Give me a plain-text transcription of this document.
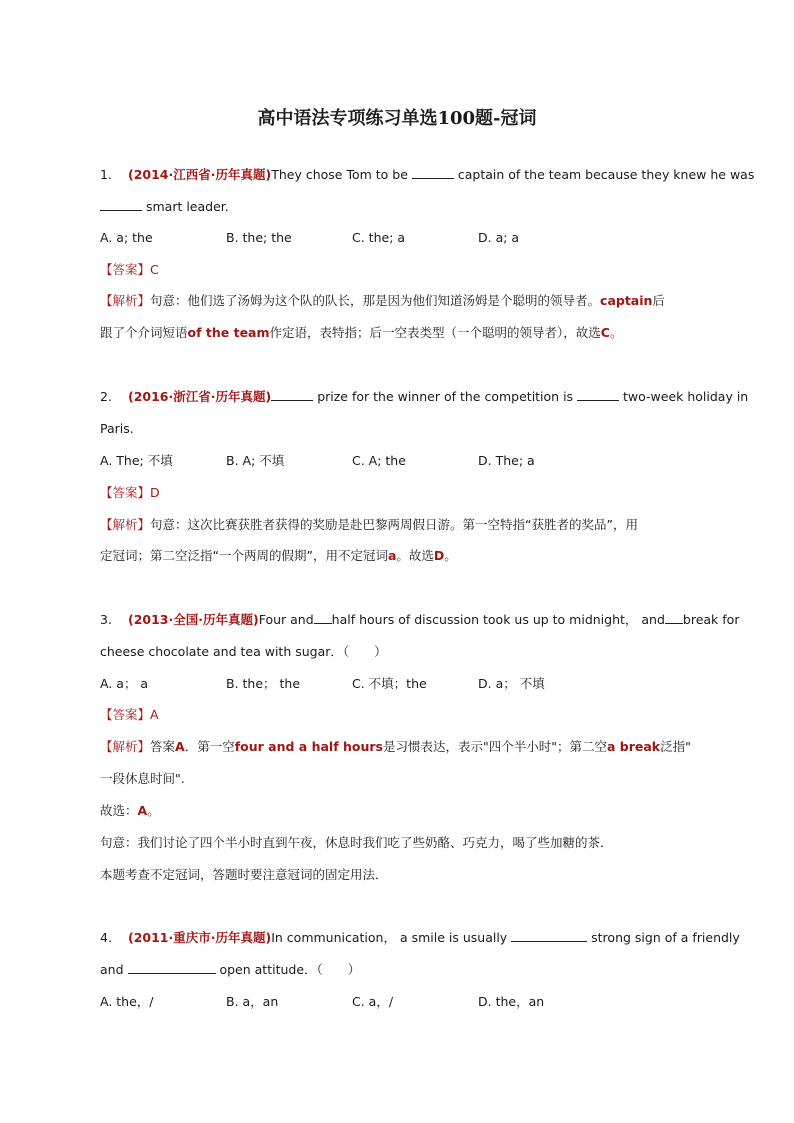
高中语法专项练习单选100题-冠词
1. (2014·江西省·历年真题)They chose Tom to be	captain of the team because they knew he was
smart leader.
A. a; the	B. the; the	C. the; a	D. a; a
【答案】C
【解析】句意：他们选了汤姆为这个队的队长，那是因为他们知道汤姆是个聪明的领导者。captain后
跟了个介词短语of the team作定语，表特指；后一空表类型（一个聪明的领导者），故选C。
2. (2016·浙江省·历年真题)	prize for the winner of the competition is	two-week holiday in
Paris.
A. The; 不填	B. A; 不填	C. A; the	D. The; a
【答案】D
【解析】句意：这次比赛获胜者获得的奖励是赴巴黎两周假日游。第一空特指“获胜者的奖品”，用
定冠词；第二空泛指“一个两周的假期”，用不定冠词a。故选D。
3. (2013·全国·历年真题)Four and half hours of discussion took us up to midnight， and break for
cheese chocolate and tea with sugar．（　　）
A. a； a	B. the； the	C. 不填；the	D. a； 不填
【答案】A
【解析】答案A．第一空four and a half hours是习惯表达，表示"四个半小时"；第二空a break泛指"
一段休息时间".
故选：A。
句意：我们讨论了四个半小时直到午夜，休息时我们吃了些奶酪、巧克力，喝了些加糖的茶．
本题考查不定冠词，答题时要注意冠词的固定用法．
4. (2011·重庆市·历年真题)In communication， a smile is usually	strong sign of a friendly
and	open attitude．（　　）
A. the，/	B. a，an	C. a，/	D. the，an
